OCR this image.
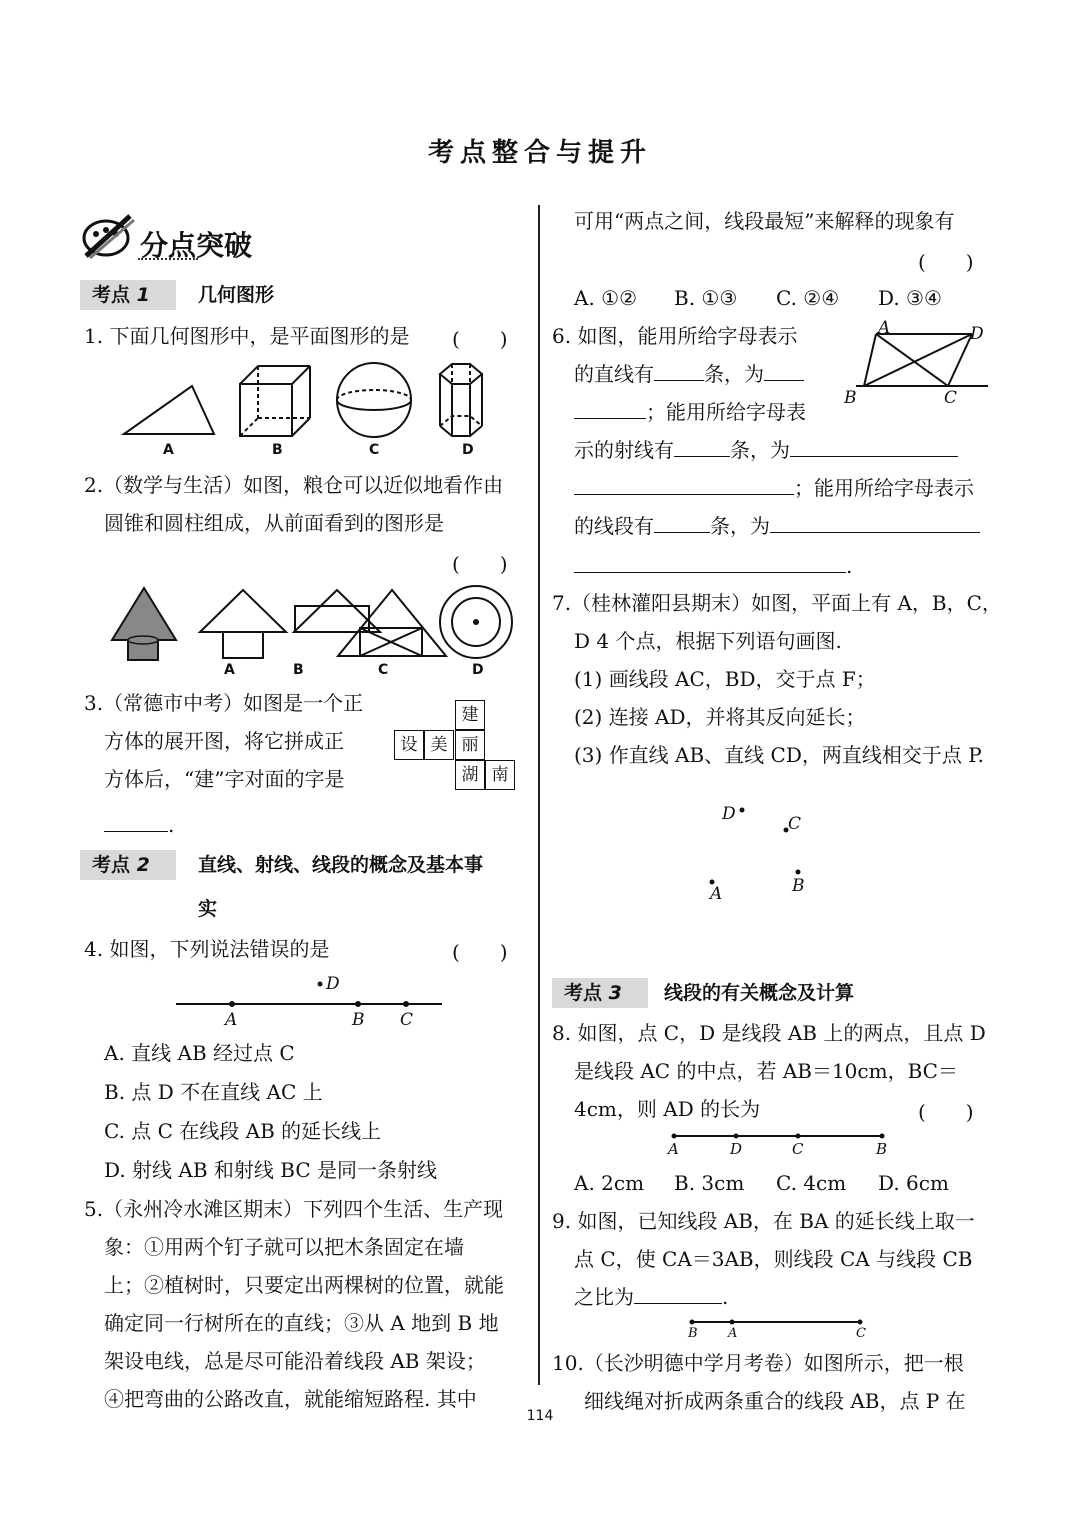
考点整合与提升
分点突破
考点 1	几何图形
1. 下面几何图形中，是平面图形的是 (　　)
A	B	C	D
2.（数学与生活）如图，粮仓可以近似地看作由
圆锥和圆柱组成，从前面看到的图形是
(　　)
A	B	C	D
3.（常德市中考）如图是一个正
方体的展开图，将它拼成正
方体后，“建”字对面的字是
.
建
设 美 丽
湖 南
考点 2	直线、射线、线段的概念及基本事
实
4. 如图，下列说法错误的是	(　　)
D
A	B C
A. 直线 AB 经过点 C
B. 点 D 不在直线 AC 上
C. 点 C 在线段 AB 的延长线上
D. 射线 AB 和射线 BC 是同一条射线
5.（永州冷水滩区期末）下列四个生活、生产现
象：①用两个钉子就可以把木条固定在墙
上；②植树时，只要定出两棵树的位置，就能
确定同一行树所在的直线；③从 A 地到 B 地
架设电线，总是尽可能沿着线段 AB 架设；
④把弯曲的公路改直，就能缩短路程. 其中
可用“两点之间，线段最短”来解释的现象有
(　　)
A. ①② B. ①③ C. ②④ D. ③④
6. 如图，能用所给字母表示
的直线有	条，为
；能用所给字母表
示的射线有	条，为
；能用所给字母表示
的线段有	条，为
.
A	D
B	C
7.（桂林灌阳县期末）如图，平面上有 A，B，C，
D 4 个点，根据下列语句画图.
(1) 画线段 AC，BD，交于点 F；
(2) 连接 AD，并将其反向延长；
(3) 作直线 AB、直线 CD，两直线相交于点 P.
D	C
A	B
考点 3	线段的有关概念及计算
8. 如图，点 C，D 是线段 AB 上的两点，且点 D
是线段 AC 的中点，若 AB＝10cm，BC＝
4cm，则 AD 的长为	(　　)
A	D	C	B
A. 2cm B. 3cm C. 4cm D. 6cm
9. 如图，已知线段 AB，在 BA 的延长线上取一
点 C，使 CA＝3AB，则线段 CA 与线段 CB
之比为	.
B A	C
10.（长沙明德中学月考卷）如图所示，把一根
细线绳对折成两条重合的线段 AB，点 P 在
114
